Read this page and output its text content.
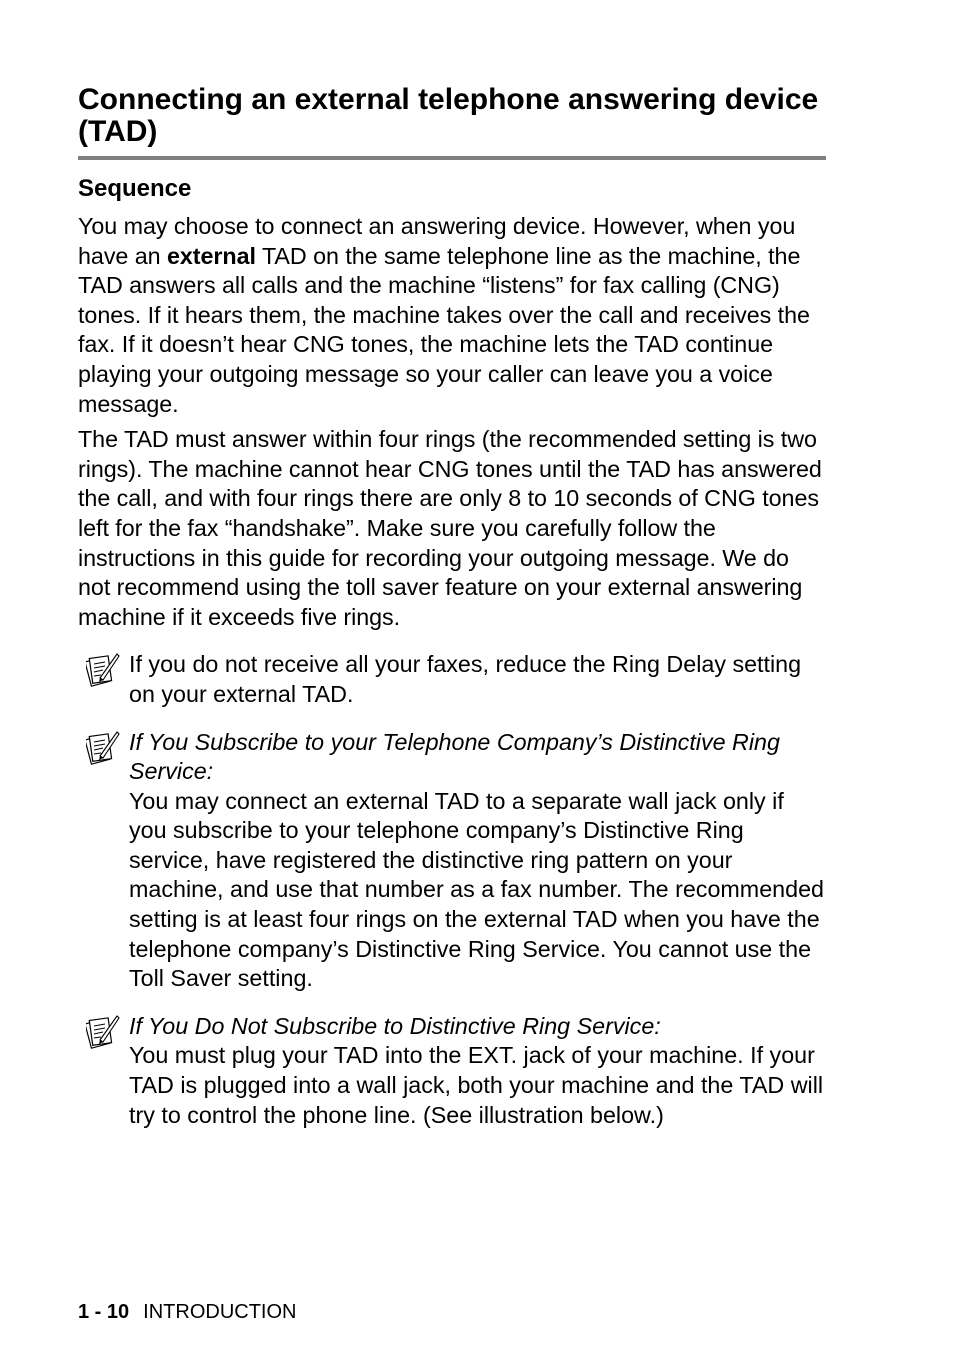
Connecting an external telephone answering device (TAD)
Sequence

You may choose to connect an answering device. However, when you have an external TAD on the same telephone line as the machine, the TAD answers all calls and the machine “listens” for fax calling (CNG) tones. If it hears them, the machine takes over the call and receives the fax. If it doesn’t hear CNG tones, the machine lets the TAD continue playing your outgoing message so your caller can leave you a voice message.

The TAD must answer within four rings (the recommended setting is two rings). The machine cannot hear CNG tones until the TAD has answered the call, and with four rings there are only 8 to 10 seconds of CNG tones left for the fax “handshake”. Make sure you carefully follow the instructions in this guide for recording your outgoing message. We do not recommend using the toll saver feature on your external answering machine if it exceeds five rings.

If you do not receive all your faxes, reduce the Ring Delay setting on your external TAD.

If You Subscribe to your Telephone Company’s Distinctive Ring Service:

You may connect an external TAD to a separate wall jack only if you subscribe to your telephone company’s Distinctive Ring service, have registered the distinctive ring pattern on your machine, and use that number as a fax number. The recommended setting is at least four rings on the external TAD when you have the telephone company’s Distinctive Ring Service. You cannot use the Toll Saver setting.

If You Do Not Subscribe to Distinctive Ring Service:

You must plug your TAD into the EXT. jack of your machine. If your TAD is plugged into a wall jack, both your machine and the TAD will try to control the phone line. (See illustration below.)

1 - 10 INTRODUCTION
